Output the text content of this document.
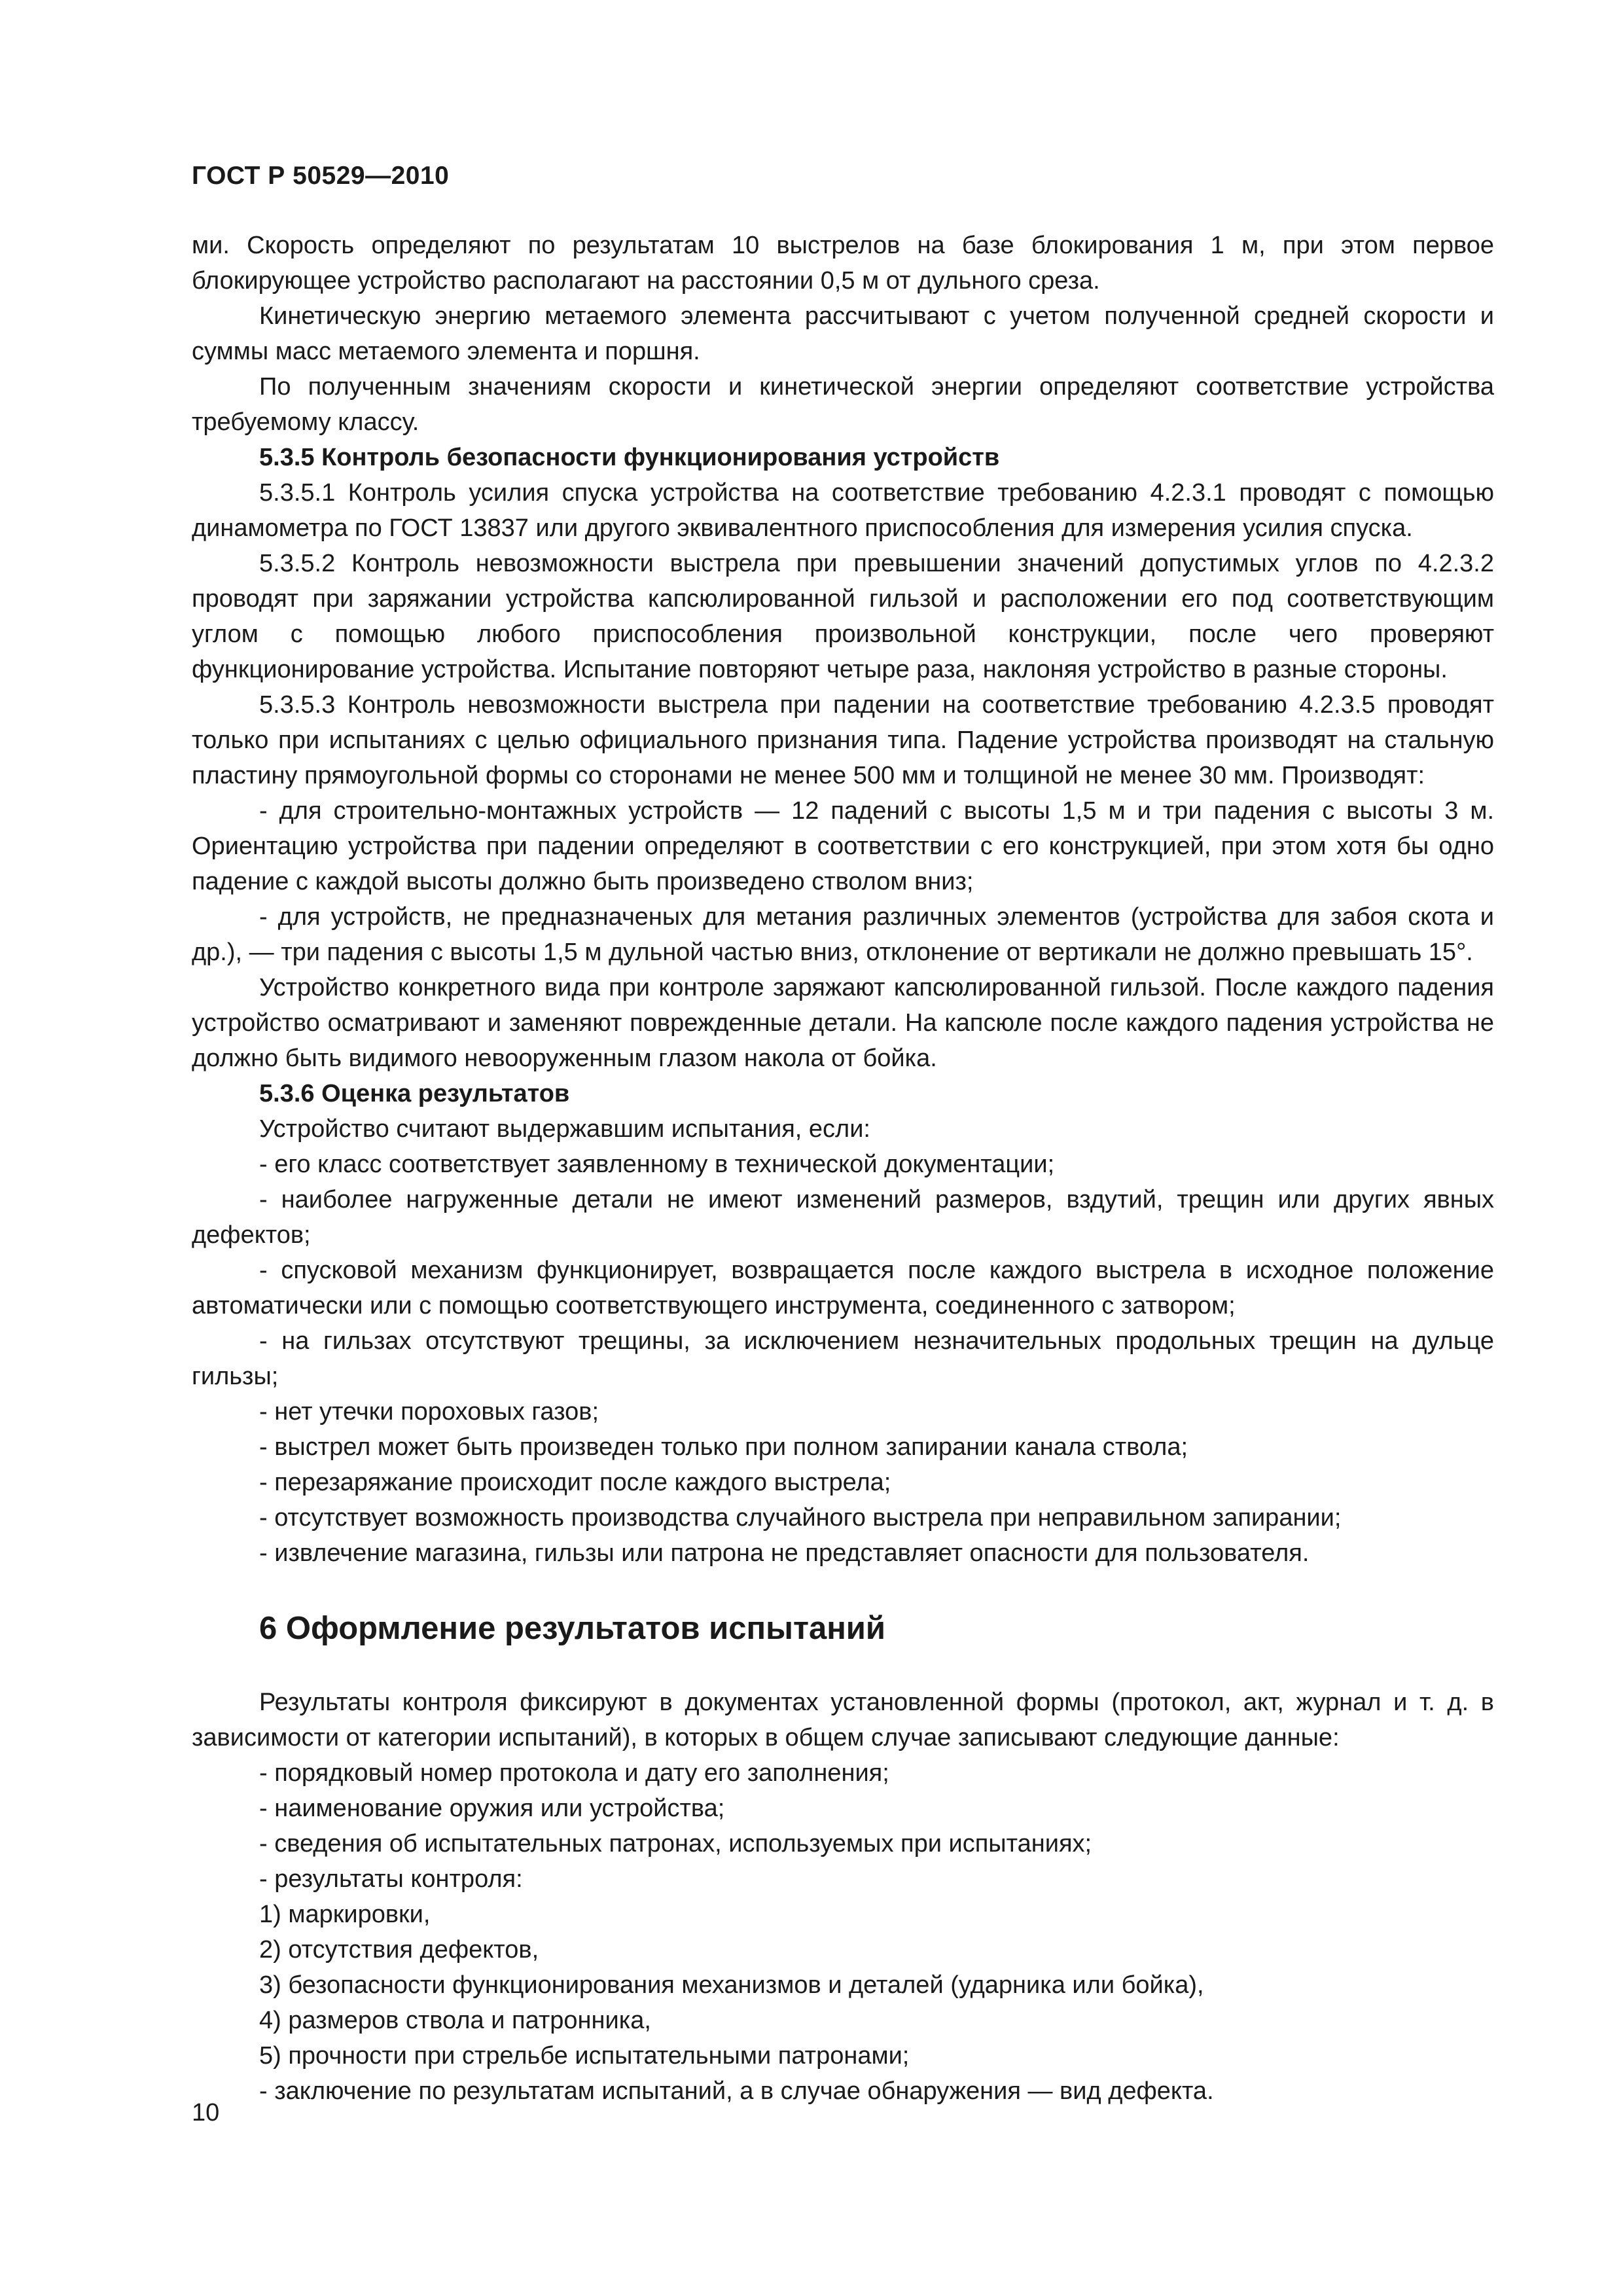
ГОСТ Р 50529—2010

ми. Скорость определяют по результатам 10 выстрелов на базе блокирования 1 м, при этом первое блокирующее устройство располагают на расстоянии 0,5 м от дульного среза.

Кинетическую энергию метаемого элемента рассчитывают с учетом полученной средней скорости и суммы масс метаемого элемента и поршня.

По полученным значениям скорости и кинетической энергии определяют соответствие устройства требуемому классу.

5.3.5 Контроль безопасности функционирования устройств

5.3.5.1 Контроль усилия спуска устройства на соответствие требованию 4.2.3.1 проводят с помощью динамометра по ГОСТ 13837 или другого эквивалентного приспособления для измерения усилия спуска.

5.3.5.2 Контроль невозможности выстрела при превышении значений допустимых углов по 4.2.3.2 проводят при заряжании устройства капсюлированной гильзой и расположении его под соответствующим углом с помощью любого приспособления произвольной конструкции, после чего проверяют функционирование устройства. Испытание повторяют четыре раза, наклоняя устройство в разные стороны.

5.3.5.3 Контроль невозможности выстрела при падении на соответствие требованию 4.2.3.5 проводят только при испытаниях с целью официального признания типа. Падение устройства производят на стальную пластину прямоугольной формы со сторонами не менее 500 мм и толщиной не менее 30 мм. Производят:

- для строительно-монтажных устройств — 12 падений с высоты 1,5 м и три падения с высоты 3 м. Ориентацию устройства при падении определяют в соответствии с его конструкцией, при этом хотя бы одно падение с каждой высоты должно быть произведено стволом вниз;

- для устройств, не предназначеных для метания различных элементов (устройства для забоя скота и др.), — три падения с высоты 1,5 м дульной частью вниз, отклонение от вертикали не должно превышать 15°.

Устройство конкретного вида при контроле заряжают капсюлированной гильзой. После каждого падения устройство осматривают и заменяют поврежденные детали. На капсюле после каждого падения устройства не должно быть видимого невооруженным глазом накола от бойка.

5.3.6 Оценка результатов

Устройство считают выдержавшим испытания, если:

- его класс соответствует заявленному в технической документации;

- наиболее нагруженные детали не имеют изменений размеров, вздутий, трещин или других явных дефектов;

- спусковой механизм функционирует, возвращается после каждого выстрела в исходное положение автоматически или с помощью соответствующего инструмента, соединенного с затвором;

- на гильзах отсутствуют трещины, за исключением незначительных продольных трещин на дульце гильзы;

- нет утечки пороховых газов;

- выстрел может быть произведен только при полном запирании канала ствола;

- перезаряжание происходит после каждого выстрела;

- отсутствует возможность производства случайного выстрела при неправильном запирании;

- извлечение магазина, гильзы или патрона не представляет опасности для пользователя.

6 Оформление результатов испытаний

Результаты контроля фиксируют в документах установленной формы (протокол, акт, журнал и т. д. в зависимости от категории испытаний), в которых в общем случае записывают следующие данные:

- порядковый номер протокола и дату его заполнения;

- наименование оружия или устройства;

- сведения об испытательных патронах, используемых при испытаниях;

- результаты контроля:

1) маркировки,

2) отсутствия дефектов,

3) безопасности функционирования механизмов и деталей (ударника или бойка),

4) размеров ствола и патронника,

5) прочности при стрельбе испытательными патронами;

- заключение по результатам испытаний, а в случае обнаружения — вид дефекта.

10
